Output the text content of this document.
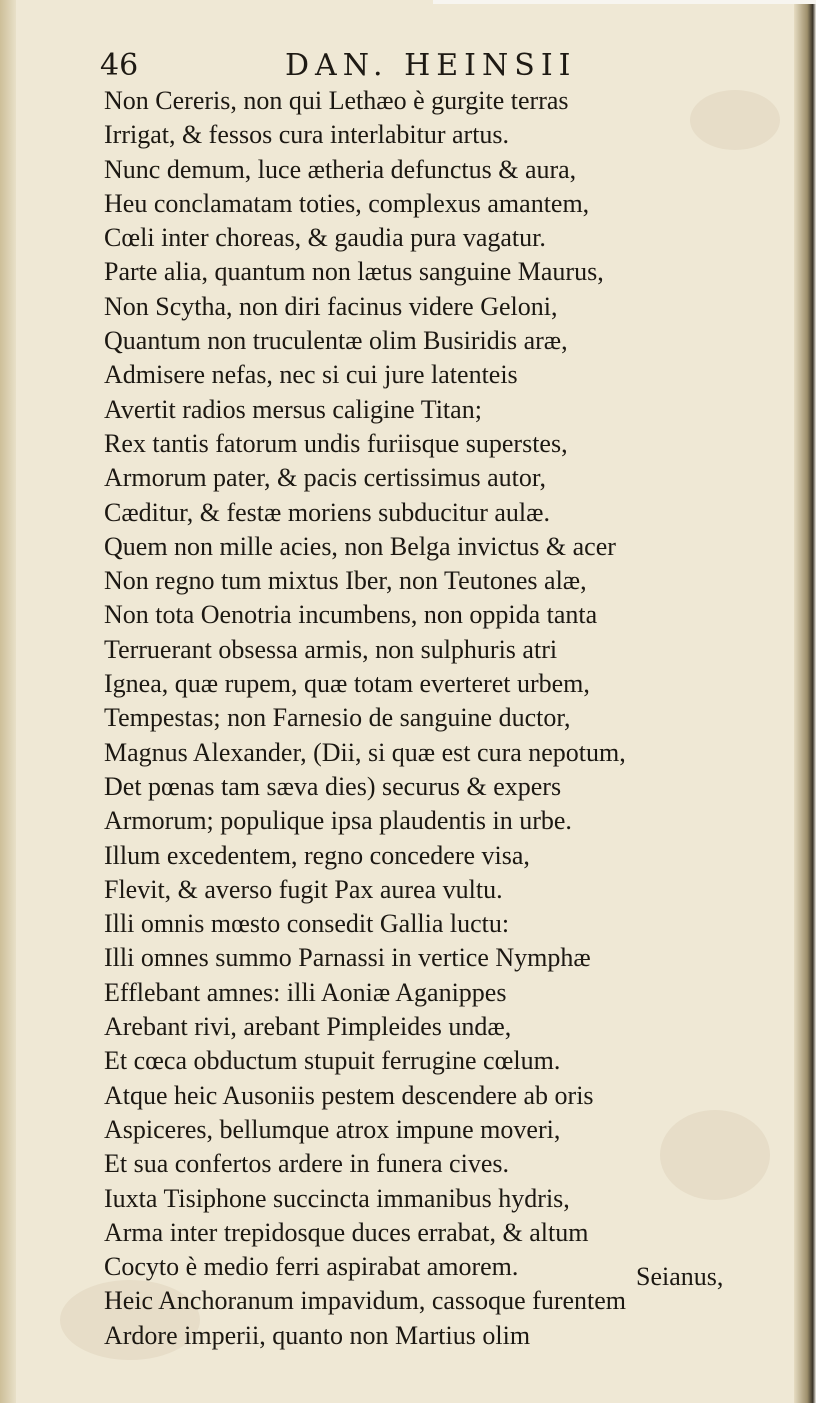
46	DAN. HEINSII
Non Cereris, non qui Lethæo è gurgite terras
Irrigat, & fessos cura interlabitur artus.
Nunc demum, luce ætheria defunctus & aura,
Heu conclamatam toties, complexus amantem,
Cœli inter choreas, & gaudia pura vagatur.
Parte alia, quantum non lætus sanguine Maurus,
Non Scytha, non diri facinus videre Geloni,
Quantum non truculentæ olim Busiridis aræ,
Admisere nefas, nec si cui jure latenteis
Avertit radios mersus caligine Titan;
Rex tantis fatorum undis furiisque superstes,
Armorum pater, & pacis certissimus autor,
Cæditur, & festæ moriens subducitur aulæ.
Quem non mille acies, non Belga invictus & acer
Non regno tum mixtus Iber, non Teutones alæ,
Non tota Oenotria incumbens, non oppida tanta
Terruerant obsessa armis, non sulphuris atri
Ignea, quæ rupem, quæ totam everteret urbem,
Tempestas; non Farnesio de sanguine ductor,
Magnus Alexander, (Dii, si quæ est cura nepotum,
Det pœnas tam sæva dies) securus & expers
Armorum; populique ipsa plaudentis in urbe.
Illum excedentem, regno concedere visa,
Flevit, & averso fugit Pax aurea vultu.
Illi omnis mœsto consedit Gallia luctu:
Illi omnes summo Parnassi in vertice Nymphæ
Efflebant amnes: illi Aoniæ Aganippes
Arebant rivi, arebant Pimpleides undæ,
Et cœca obductum stupuit ferrugine cœlum.
Atque heic Ausoniis pestem descendere ab oris
Aspiceres, bellumque atrox impune moveri,
Et sua confertos ardere in funera cives.
Iuxta Tisiphone succincta immanibus hydris,
Arma inter trepidosque duces errabat, & altum
Cocyto è medio ferri aspirabat amorem.
Heic Anchoranum impavidum, cassoque furentem
Ardore imperii, quanto non Martius olim
Seianus,
